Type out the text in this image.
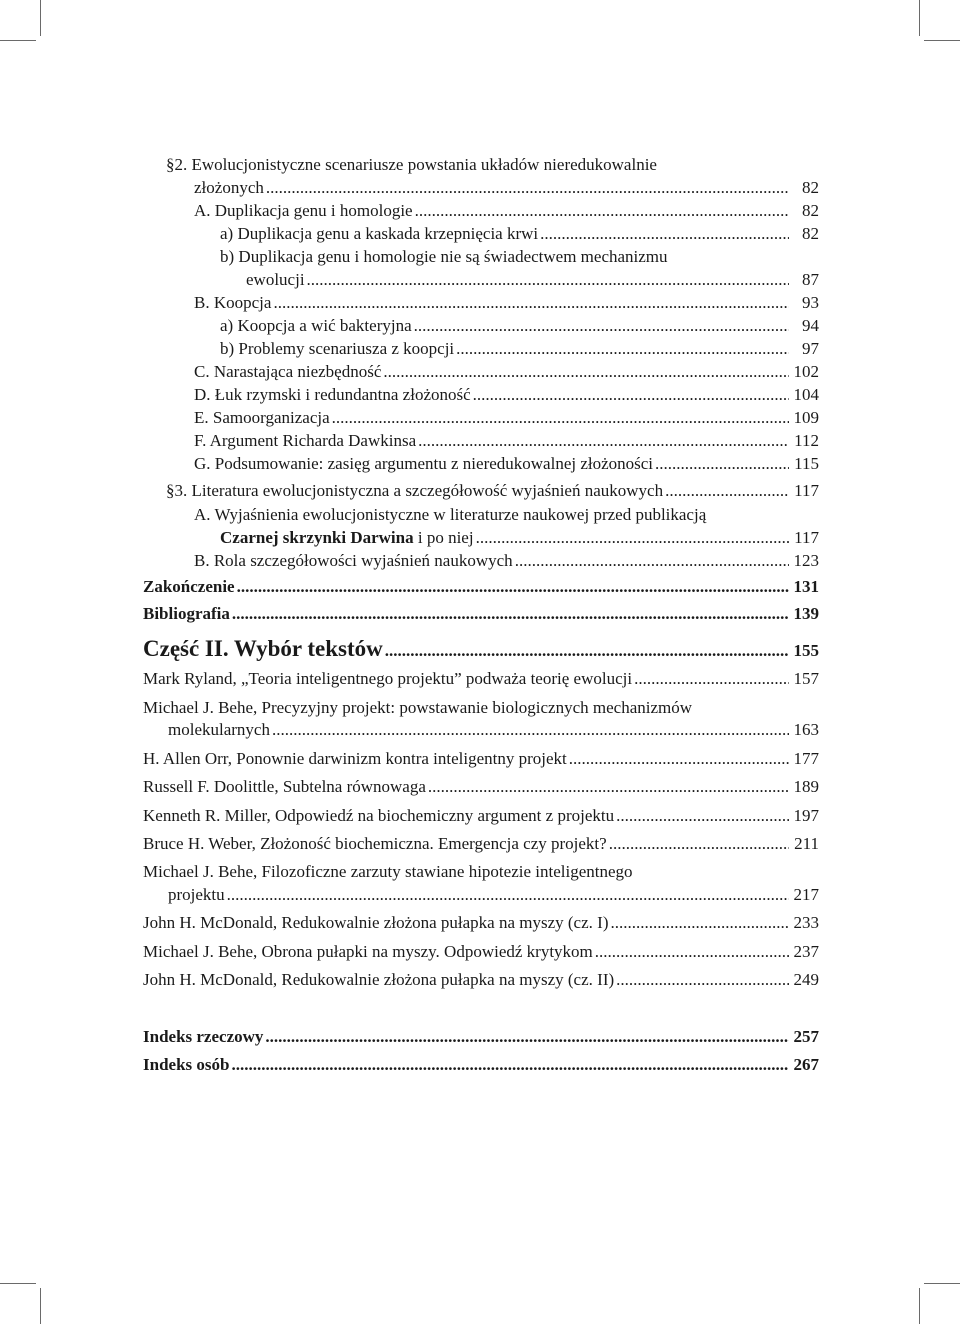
§2. Ewolucjonistyczne scenariusze powstania układów nieredukowalnie
złożonych .....	82
A. Duplikacja genu i homologie .....	82
a) Duplikacja genu a kaskada krzepnięcia krwi .....	82
b) Duplikacja genu i homologie nie są świadectwem mechanizmu
ewolucji .....	87
B. Koopcja .....	93
a) Koopcja a wić bakteryjna .....	94
b) Problemy scenariusza z koopcji .....	97
C. Narastająca niezbędność .....	102
D. Łuk rzymski i redundantna złożoność .....	104
E. Samoorganizacja .....	109
F. Argument Richarda Dawkinsa .....	112
G. Podsumowanie: zasięg argumentu z nieredukowalnej złożoności .....	115
§3. Literatura ewolucjonistyczna a szczegółowość wyjaśnień naukowych .....	117
A. Wyjaśnienia ewolucjonistyczne w literaturze naukowej przed publikacją
Czarnej skrzynki Darwina i po niej .....	117
B. Rola szczegółowości wyjaśnień naukowych .....	123
Zakończenie .....	131
Bibliografia .....	139
Część II. Wybór tekstów .....	155
Mark Ryland, „Teoria inteligentnego projektu” podważa teorię ewolucji .....	157
Michael J. Behe, Precyzyjny projekt: powstawanie biologicznych mechanizmów
molekularnych .....	163
H. Allen Orr, Ponownie darwinizm kontra inteligentny projekt .....	177
Russell F. Doolittle, Subtelna równowaga .....	189
Kenneth R. Miller, Odpowiedź na biochemiczny argument z projektu .....	197
Bruce H. Weber, Złożoność biochemiczna. Emergencja czy projekt? .....	211
Michael J. Behe, Filozoficzne zarzuty stawiane hipotezie inteligentnego
projektu .....	217
John H. McDonald, Redukowalnie złożona pułapka na myszy (cz. I) .....	233
Michael J. Behe, Obrona pułapki na myszy. Odpowiedź krytykom .....	237
John H. McDonald, Redukowalnie złożona pułapka na myszy (cz. II) .....	249
Indeks rzeczowy .....	257
Indeks osób .....	267
